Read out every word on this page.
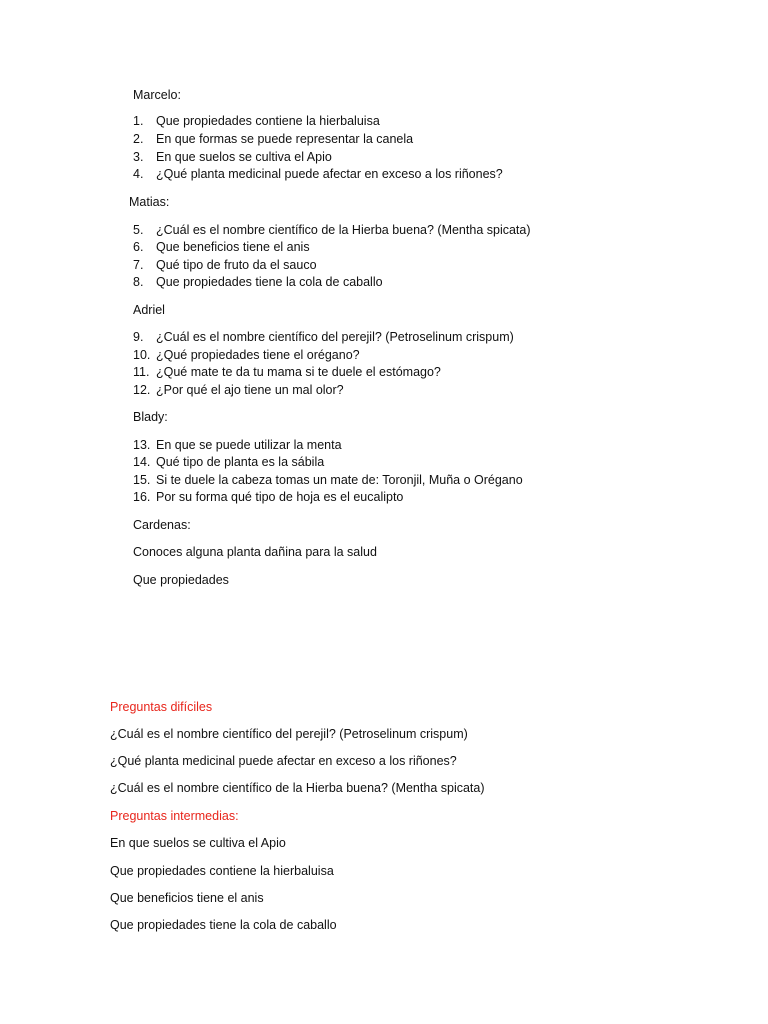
Marcelo:
1. Que propiedades contiene la hierbaluisa
2. En que formas se puede representar la canela
3. En que suelos se cultiva el Apio
4. ¿Qué planta medicinal puede afectar en exceso a los riñones?
Matias:
5. ¿Cuál es el nombre científico de la Hierba buena? (Mentha spicata)
6. Que beneficios tiene el anis
7. Qué tipo de fruto da el sauco
8. Que propiedades tiene la cola de caballo
Adriel
9. ¿Cuál es el nombre científico del perejil? (Petroselinum crispum)
10. ¿Qué propiedades tiene el orégano?
11. ¿Qué mate te da tu mama si te duele el estómago?
12. ¿Por qué el ajo tiene un mal olor?
Blady:
13. En que se puede utilizar la menta
14. Qué tipo de planta es la sábila
15. Si te duele la cabeza tomas un mate de: Toronjil, Muña o Orégano
16. Por su forma qué tipo de hoja es el eucalipto
Cardenas:
Conoces alguna planta dañina para la salud
Que propiedades
Preguntas difíciles
¿Cuál es el nombre científico del perejil? (Petroselinum crispum)
¿Qué planta medicinal puede afectar en exceso a los riñones?
¿Cuál es el nombre científico de la Hierba buena? (Mentha spicata)
Preguntas intermedias:
En que suelos se cultiva el Apio
Que propiedades contiene la hierbaluisa
Que beneficios tiene el anis
Que propiedades tiene la cola de caballo
